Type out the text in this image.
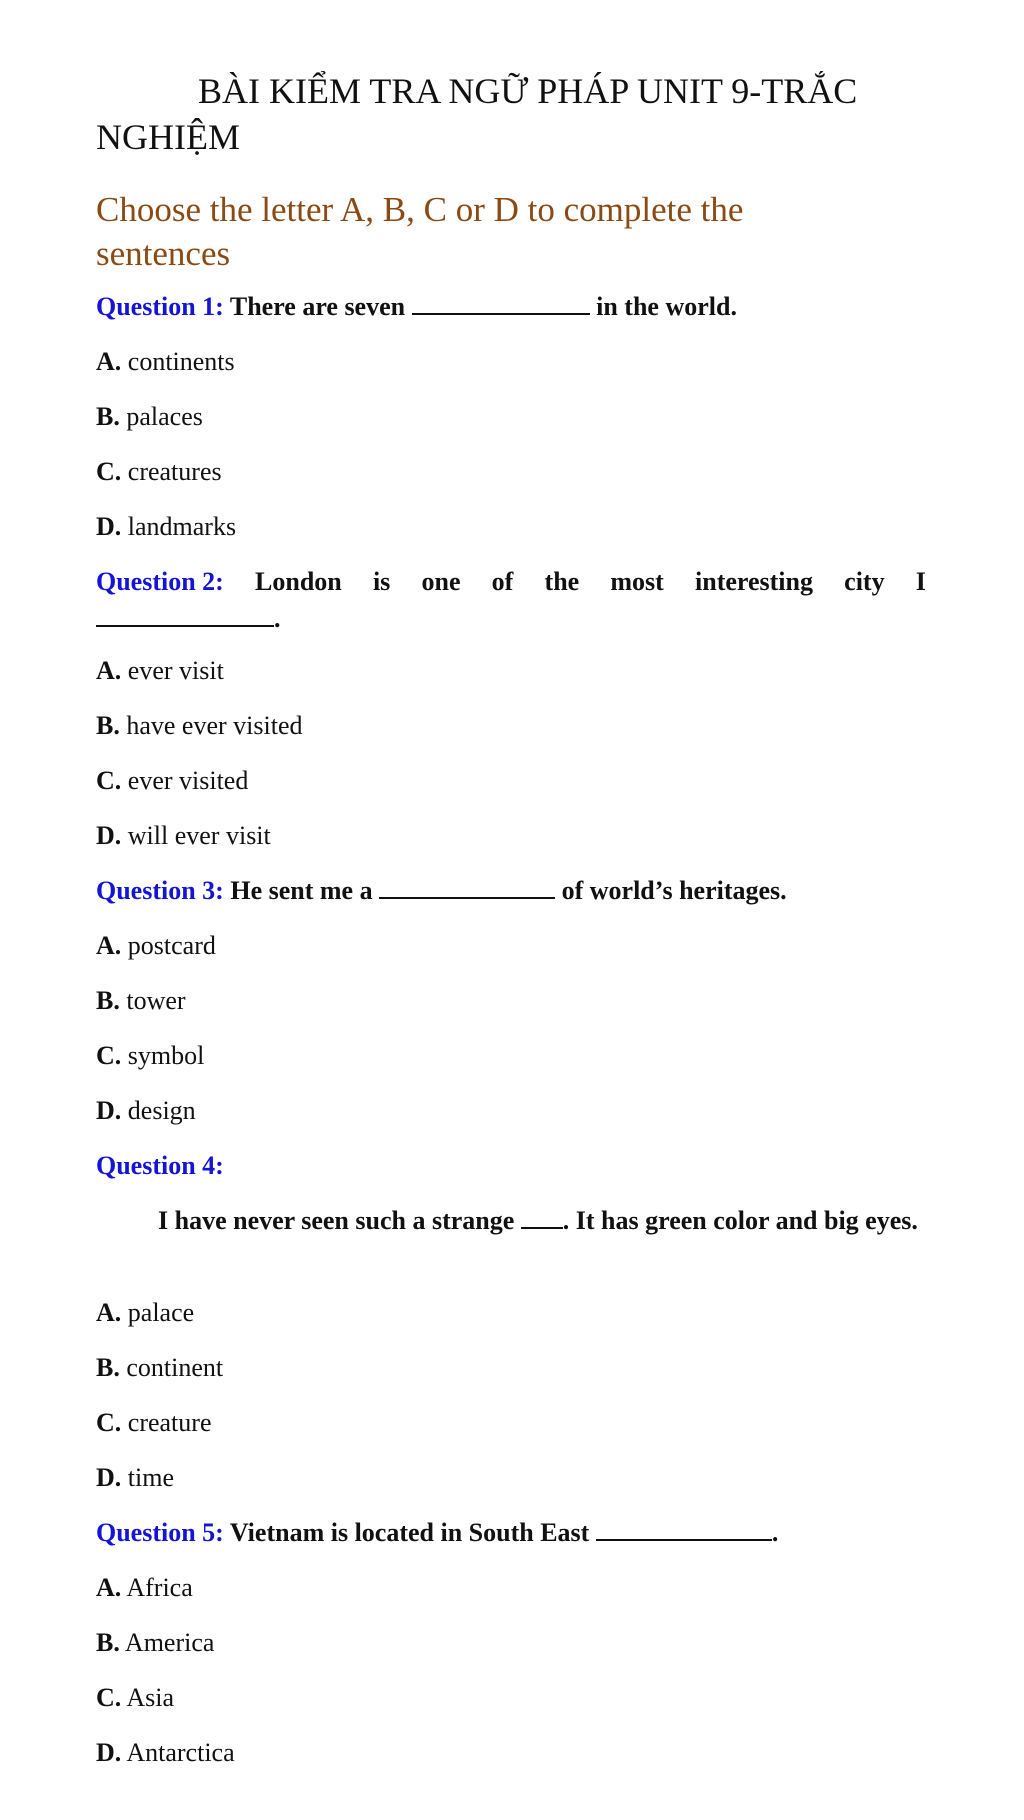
BÀI KIỂM TRA NGỮ PHÁP UNIT 9-TRẮC NGHIỆM

Choose the letter A, B, C or D to complete the sentences

Question 1: There are seven	in the world.
A. continents
B. palaces
C. creatures
D. landmarks
Question 2: London is one of the most interesting city I
.
A. ever visit
B. have ever visited
C. ever visited
D. will ever visit
Question 3: He sent me a	of world’s heritages.
A. postcard
B. tower
C. symbol
D. design
Question 4:

I have never seen such a strange . It has green color and big eyes.

A. palace
B. continent
C. creature
D. time
Question 5: Vietnam is located in South East	.
A. Africa
B. America
C. Asia
D. Antarctica
